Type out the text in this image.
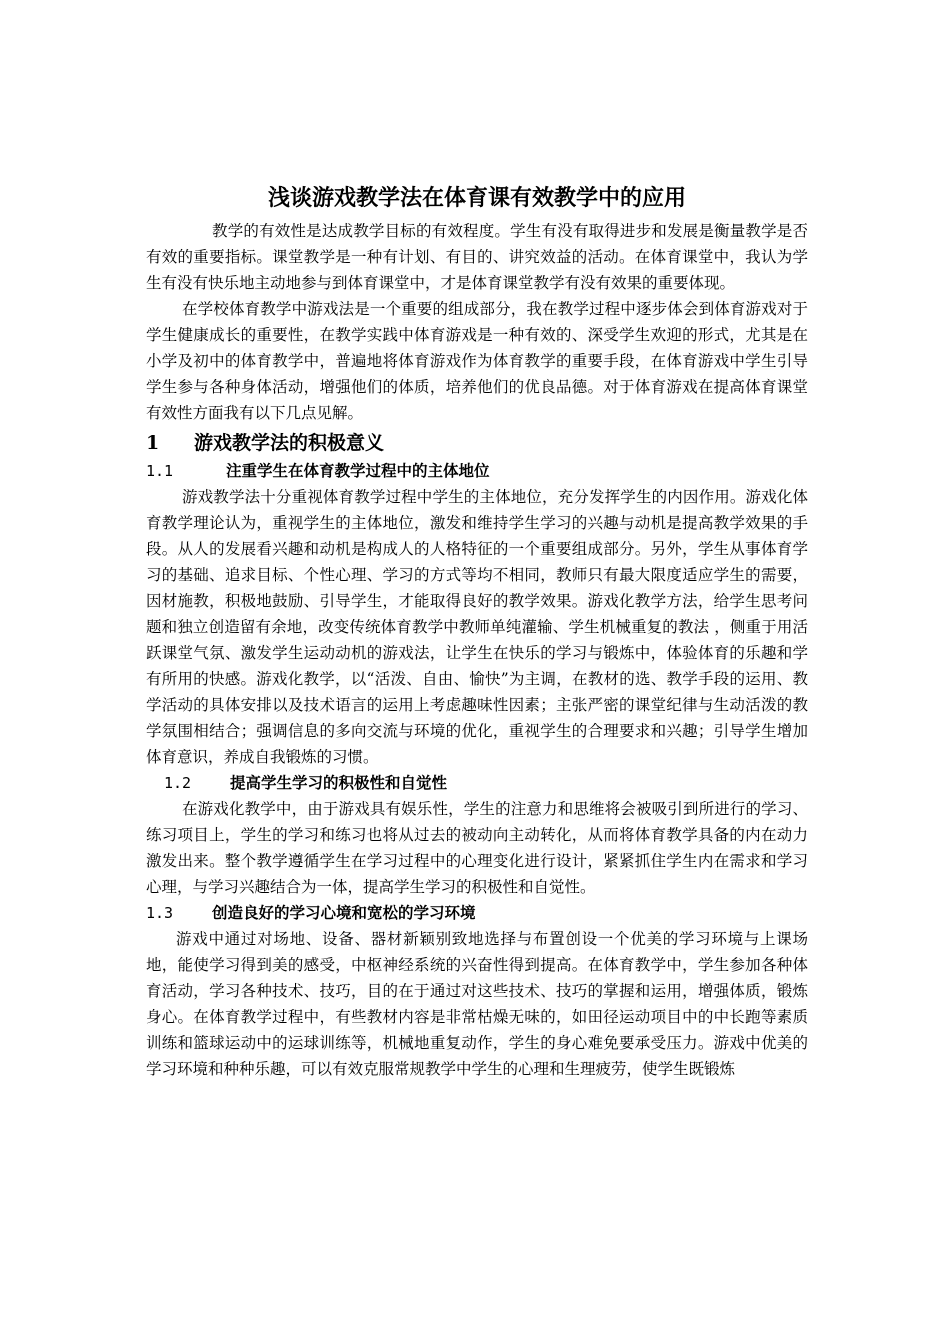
浅谈游戏教学法在体育课有效教学中的应用

教学的有效性是达成教学目标的有效程度。学生有没有取得进步和发展是衡量教学是否有效的重要指标。课堂教学是一种有计划、有目的、讲究效益的活动。在体育课堂中，我认为学生有没有快乐地主动地参与到体育课堂中，才是体育课堂教学有没有效果的重要体现。

在学校体育教学中游戏法是一个重要的组成部分，我在教学过程中逐步体会到体育游戏对于学生健康成长的重要性，在教学实践中体育游戏是一种有效的、深受学生欢迎的形式，尤其是在小学及初中的体育教学中，普遍地将体育游戏作为体育教学的重要手段，在体育游戏中学生引导学生参与各种身体活动，增强他们的体质，培养他们的优良品德。对于体育游戏在提高体育课堂有效性方面我有以下几点见解。

1	游戏教学法的积极意义
1.1	注重学生在体育教学过程中的主体地位

游戏教学法十分重视体育教学过程中学生的主体地位，充分发挥学生的内因作用。游戏化体育教学理论认为，重视学生的主体地位，激发和维持学生学习的兴趣与动机是提高教学效果的手段。从人的发展看兴趣和动机是构成人的人格特征的一个重要组成部分。另外，学生从事体育学习的基础、追求目标、个性心理、学习的方式等均不相同，教师只有最大限度适应学生的需要，因材施教，积极地鼓励、引导学生，才能取得良好的教学效果。游戏化教学方法，给学生思考问题和独立创造留有余地，改变传统体育教学中教师单纯灌输、学生机械重复的教法 ，侧重于用活跃课堂气氛、激发学生运动动机的游戏法，让学生在快乐的学习与锻炼中，体验体育的乐趣和学有所用的快感。游戏化教学，以“活泼、自由、愉快”为主调，在教材的选、教学手段的运用、教学活动的具体安排以及技术语言的运用上考虑趣味性因素；主张严密的课堂纪律与生动活泼的教学氛围相结合；强调信息的多向交流与环境的优化，重视学生的合理要求和兴趣；引导学生增加体育意识，养成自我锻炼的习惯。

1.2	提高学生学习的积极性和自觉性

在游戏化教学中，由于游戏具有娱乐性，学生的注意力和思维将会被吸引到所进行的学习、练习项目上，学生的学习和练习也将从过去的被动向主动转化，从而将体育教学具备的内在动力激发出来。整个教学遵循学生在学习过程中的心理变化进行设计，紧紧抓住学生内在需求和学习心理，与学习兴趣结合为一体，提高学生学习的积极性和自觉性。

1.3	创造良好的学习心境和宽松的学习环境

游戏中通过对场地、设备、器材新颖别致地选择与布置创设一个优美的学习环境与上课场地，能使学习得到美的感受，中枢神经系统的兴奋性得到提高。在体育教学中，学生参加各种体育活动，学习各种技术、技巧，目的在于通过对这些技术、技巧的掌握和运用，增强体质，锻炼身心。在体育教学过程中，有些教材内容是非常枯燥无味的，如田径运动项目中的中长跑等素质训练和篮球运动中的运球训练等，机械地重复动作，学生的身心难免要承受压力。游戏中优美的学习环境和种种乐趣，可以有效克服常规教学中学生的心理和生理疲劳，使学生既锻炼
